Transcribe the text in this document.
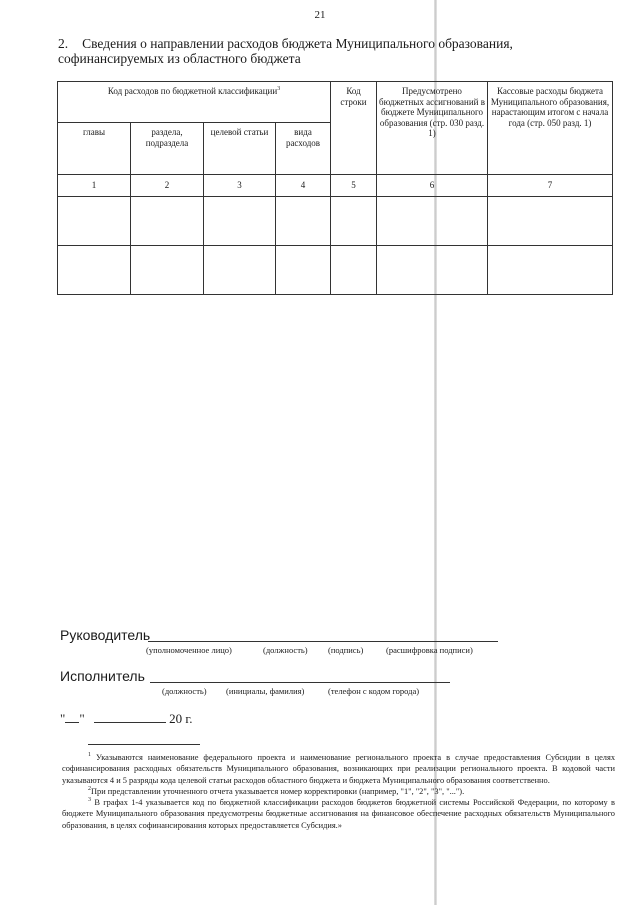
21
2. Сведения о направлении расходов бюджета Муниципального образования, софинансируемых из областного бюджета
Код расходов по бюджетной классификации$^3$				Код строки	Предусмотрено бюджетных ассигнований в бюджете Муниципального образования (стр. 030 разд. 1)	Кассовые расходы бюджета Муниципального образования, нарастающим итогом с начала года (стр. 050 разд. 1)
главы	раздела, подраздела	целевой статьи	вида расходов			
1	2	3	4	5	6	7

Руководитель
(уполномоченное лицо)	(должность) (подпись)	(расшифровка подписи)
Исполнитель
(должность) (инициалы, фамилия)	(телефон с кодом города)
" "	20 г.

$^1$ Указываются наименование федерального проекта и наименование регионального проекта в случае предоставления Субсидии в целях софинансирования расходных обязательств Муниципального образования, возникающих при реализации регионального проекта. В кодовой части указываются 4 и 5 разряды кода целевой статьи расходов областного бюджета и бюджета Муниципального образования соответственно.

$^2$При представлении уточненного отчета указывается номер корректировки (например, "1", "2", "3", "...").

$^3$ В графах 1-4 указывается код по бюджетной классификации расходов бюджетов бюджетной системы Российской Федерации, по которому в бюджете Муниципального образования предусмотрены бюджетные ассигнования на финансовое обеспечение расходных обязательств Муниципального образования, в целях софинансирования которых предоставляется Субсидия.»
